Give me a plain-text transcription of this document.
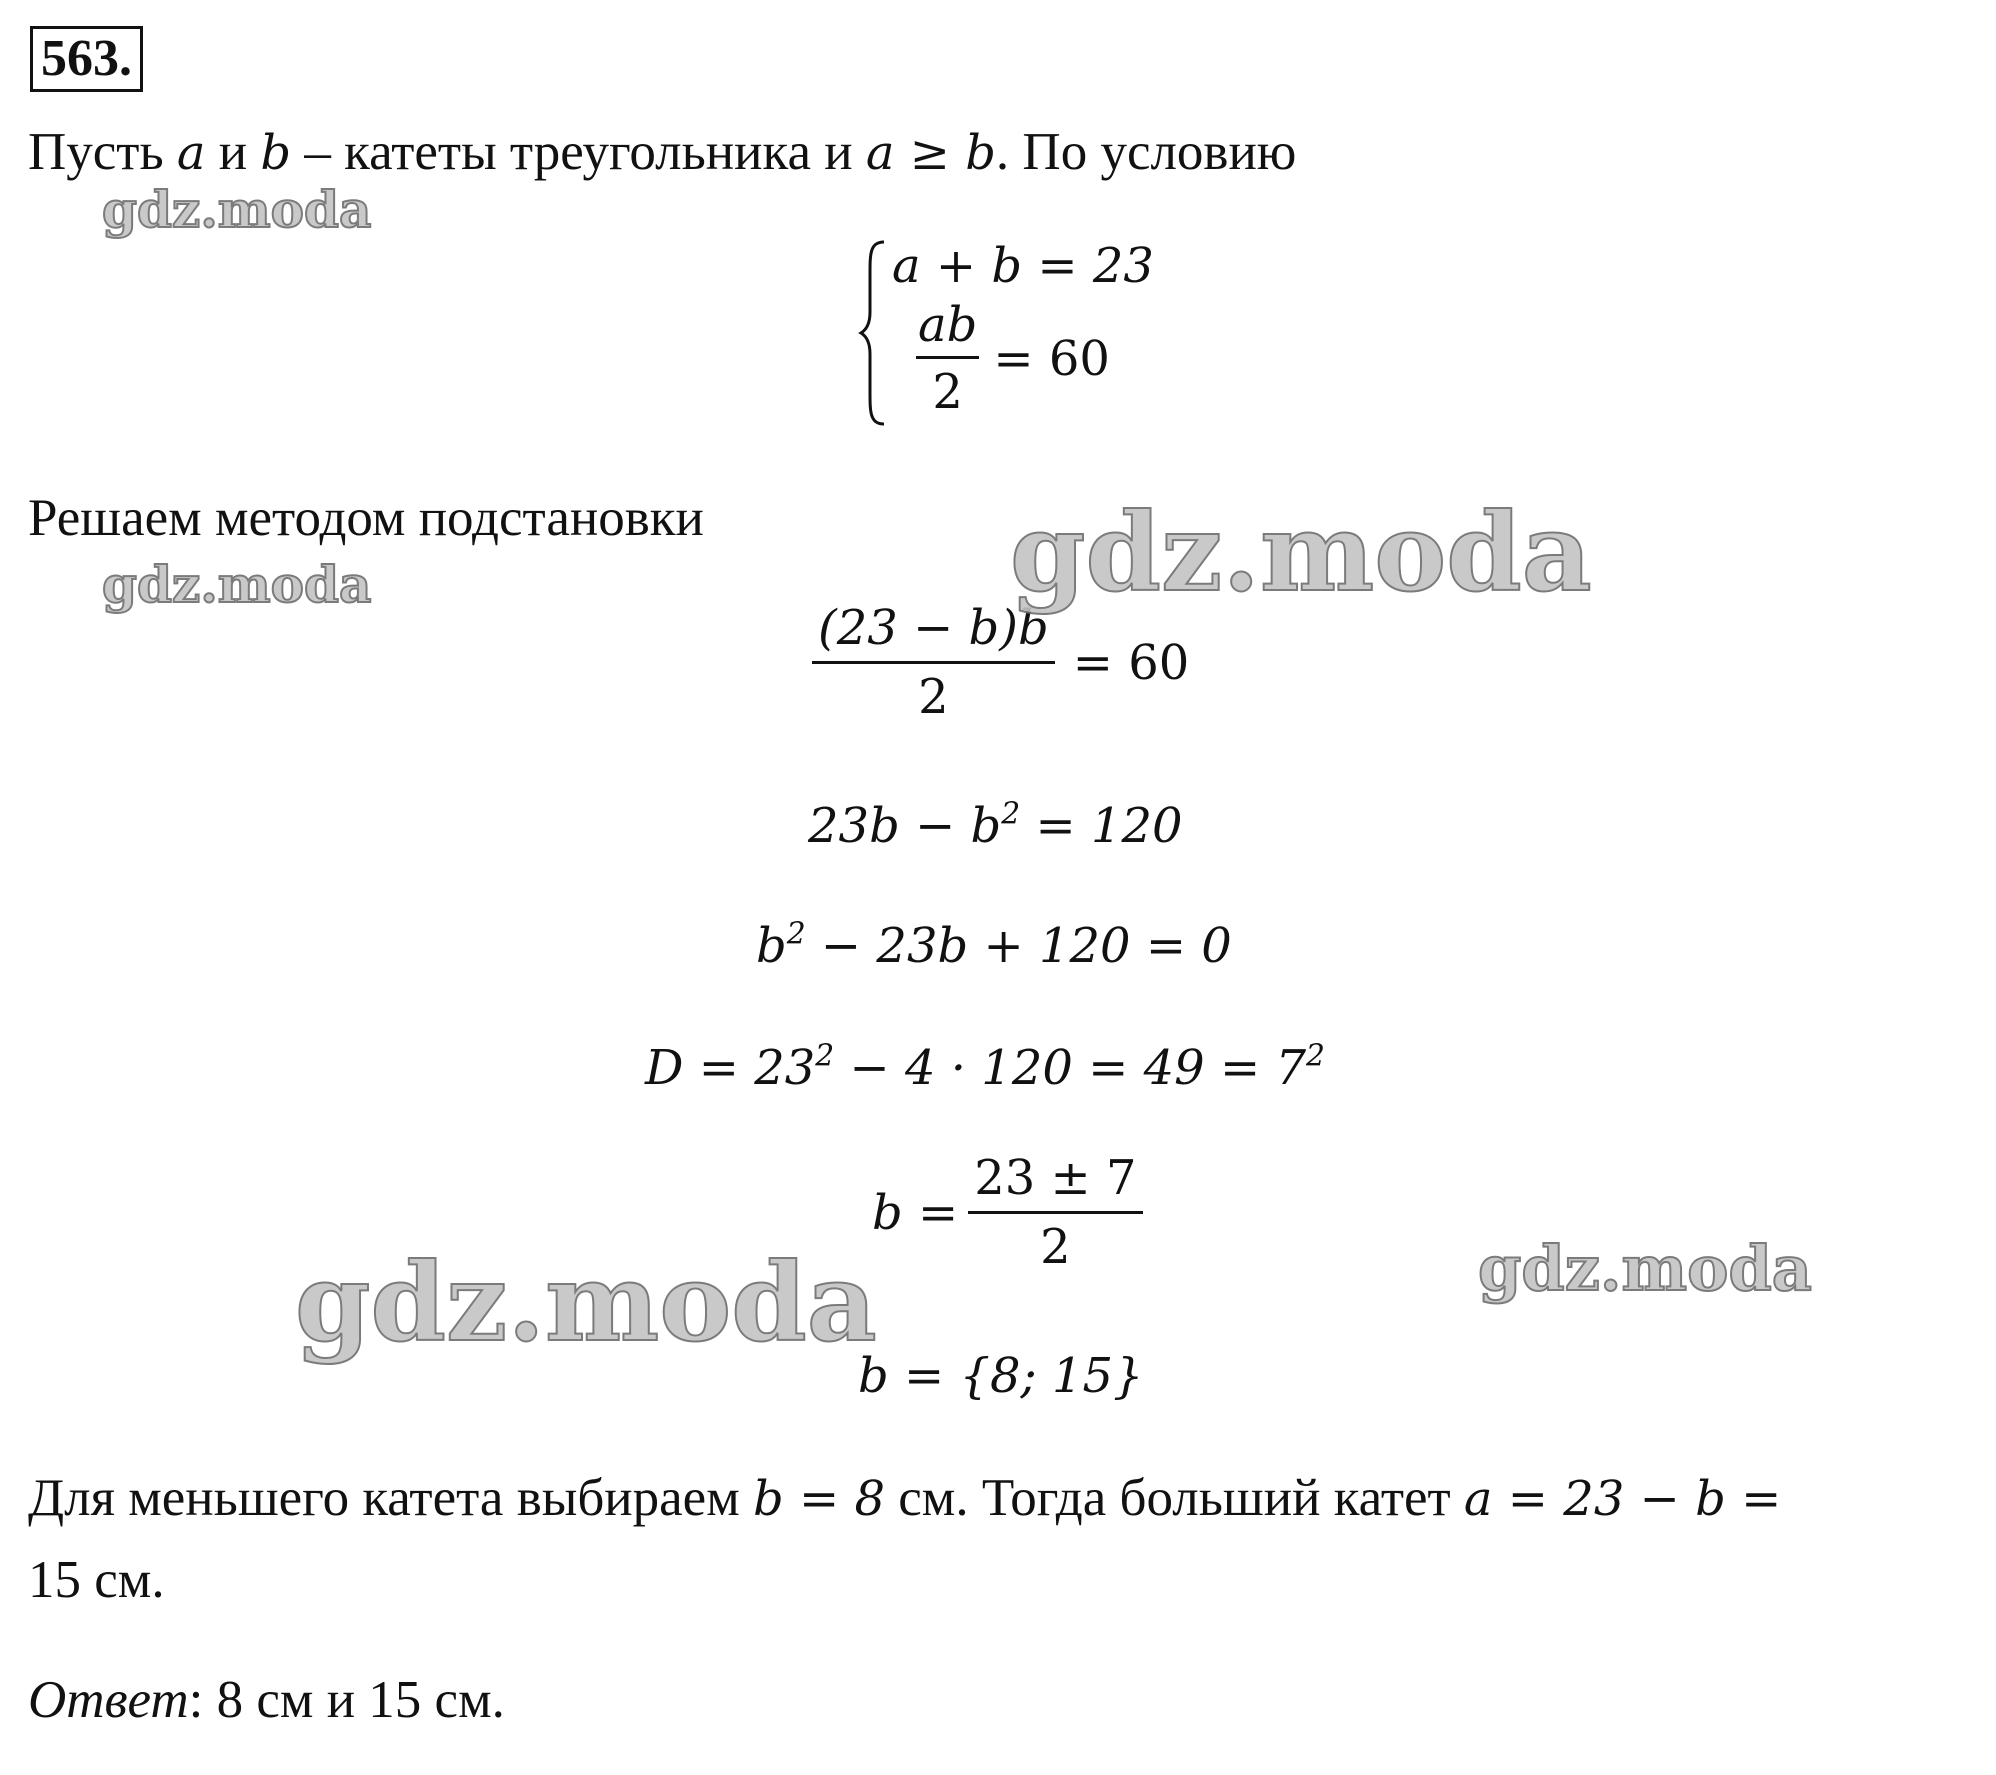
563.
Пусть a и b – катеты треугольника и a ≥ b. По условию
a + b = 23
$\frac{ab}{2} = 60$
Решаем методом подстановки
$\frac{(23 - b)b}{2} = 60$
$23b - b^2 = 120$
$b^2 - 23b + 120 = 0$
$D = 23^2 - 4 \cdot 120 = 49 = 7^2$
$b = \frac{23 \pm 7}{2}$
b = {8; 15}
Для меньшего катета выбираем b = 8 см. Тогда больший катет a = 23 − b =
15 см.
Ответ: 8 см и 15 см.
gdz.moda
gdz.moda	gdz.moda
gdz.moda	gdz.moda
